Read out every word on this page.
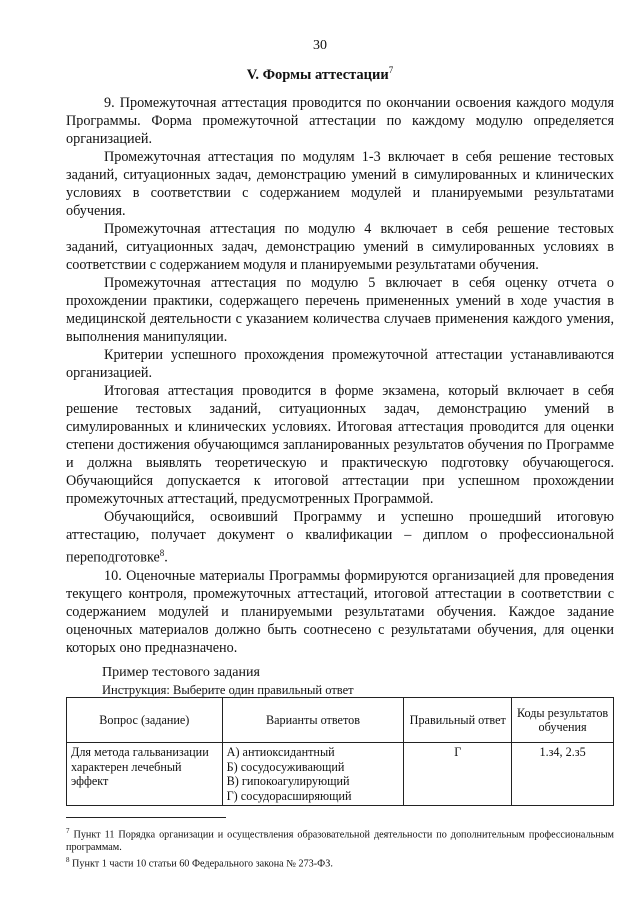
30
V. Формы аттестации$^7$

9. Промежуточная аттестация проводится по окончании освоения каждого модуля Программы. Форма промежуточной аттестации по каждому модулю определяется организацией.

Промежуточная аттестация по модулям 1-3 включает в себя решение тестовых заданий, ситуационных задач, демонстрацию умений в симулированных и клинических условиях в соответствии с содержанием модулей и планируемыми результатами обучения.

Промежуточная аттестация по модулю 4 включает в себя решение тестовых заданий, ситуационных задач, демонстрацию умений в симулированных условиях в соответствии с содержанием модуля и планируемыми результатами обучения.

Промежуточная аттестация по модулю 5 включает в себя оценку отчета о прохождении практики, содержащего перечень примененных умений в ходе участия в медицинской деятельности с указанием количества случаев применения каждого умения, выполнения манипуляции.

Критерии успешного прохождения промежуточной аттестации устанавливаются организацией.

Итоговая аттестация проводится в форме экзамена, который включает в себя решение тестовых заданий, ситуационных задач, демонстрацию умений в симулированных и клинических условиях. Итоговая аттестация проводится для оценки степени достижения обучающимся запланированных результатов обучения по Программе и должна выявлять теоретическую и практическую подготовку обучающегося. Обучающийся допускается к итоговой аттестации при успешном прохождении промежуточных аттестаций, предусмотренных Программой.

Обучающийся, освоивший Программу и успешно прошедший итоговую аттестацию, получает документ о квалификации – диплом о профессиональной переподготовке$^8$.

10. Оценочные материалы Программы формируются организацией для проведения текущего контроля, промежуточных аттестаций, итоговой аттестации в соответствии с содержанием модулей и планируемыми результатами обучения. Каждое задание оценочных материалов должно быть соотнесено с результатами обучения, для оценки которых оно предназначено.

Пример тестового задания
Инструкция: Выберите один правильный ответ
Вопрос (задание)	Варианты ответов	Правильный ответ	Коды результатов обучения
Для метода гальванизации характерен лечебный эффект	А) антиоксидантный
Б) сосудосуживающий
В) гипокоагулирующий
Г) сосудорасширяющий	Г	1.з4, 2.з5

$^7$ Пункт 11 Порядка организации и осуществления образовательной деятельности по дополнительным профессиональным программам.

$^8$ Пункт 1 части 10 статьи 60 Федерального закона № 273-ФЗ.
